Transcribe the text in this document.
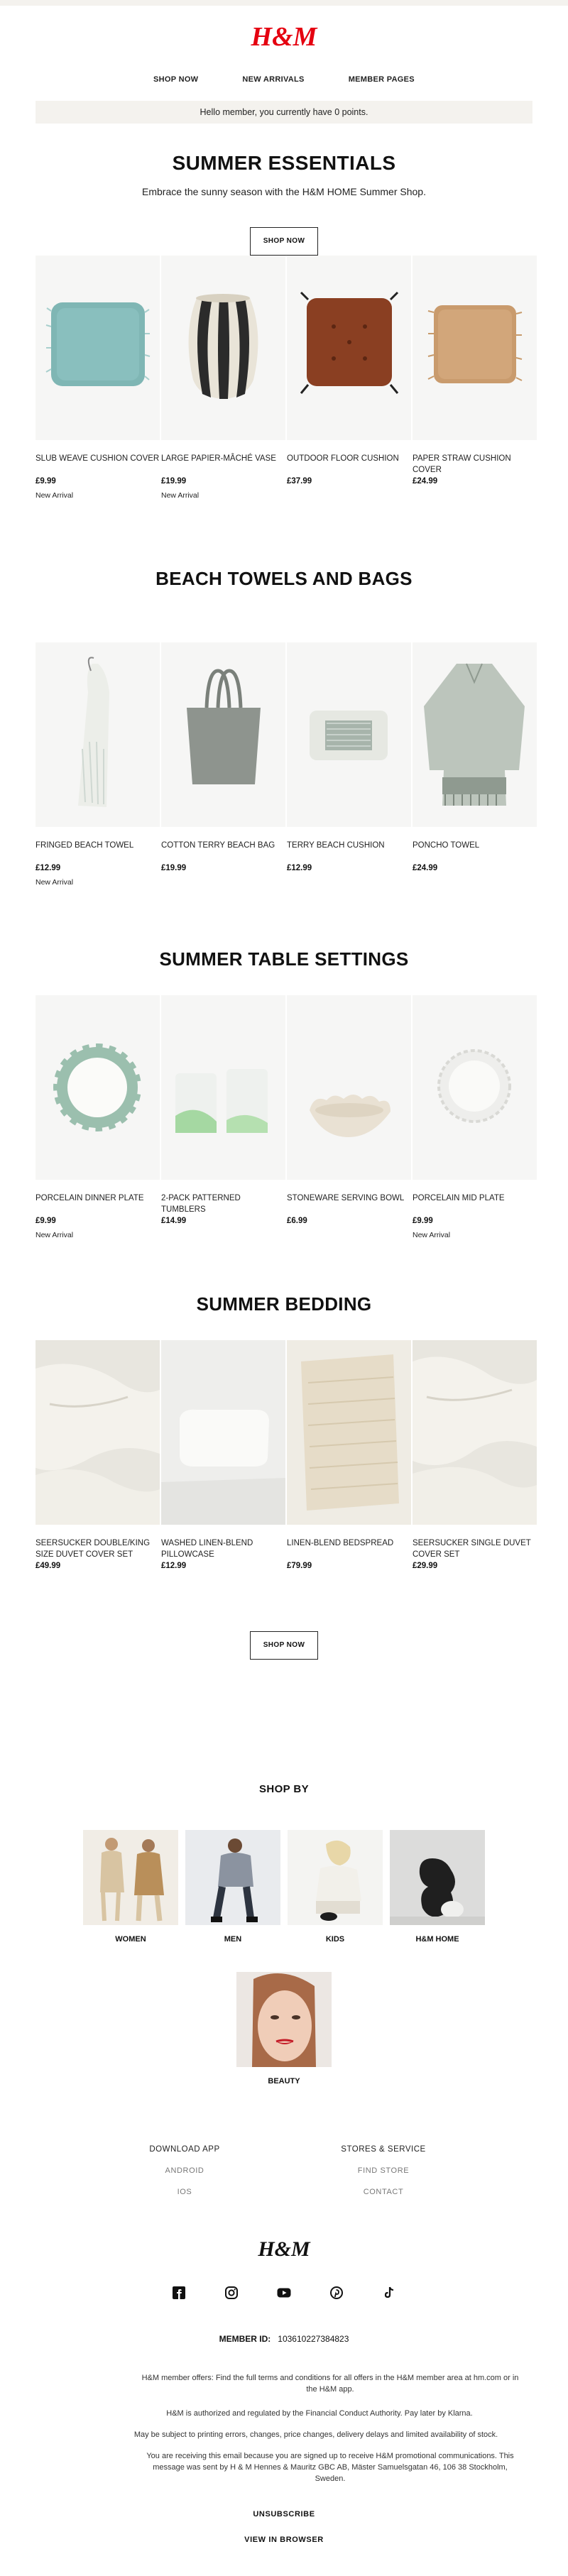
H&M
SHOP NOW	NEW ARRIVALS	MEMBER PAGES
Hello member, you currently have 0 points.
SUMMER ESSENTIALS
Embrace the sunny season with the H&M HOME Summer Shop.
SHOP NOW
SLUB WEAVE CUSHION COVER
£9.99
New Arrival
LARGE PAPIER-MÂCHÉ VASE
£19.99
New Arrival
OUTDOOR FLOOR CUSHION
£37.99
PAPER STRAW CUSHION COVER
£24.99
BEACH TOWELS AND BAGS
FRINGED BEACH TOWEL
£12.99
New Arrival
COTTON TERRY BEACH BAG
£19.99
TERRY BEACH CUSHION
£12.99
PONCHO TOWEL
£24.99
SUMMER TABLE SETTINGS
PORCELAIN DINNER PLATE
£9.99
New Arrival
2-PACK PATTERNED TUMBLERS
£14.99
STONEWARE SERVING BOWL
£6.99
PORCELAIN MID PLATE
£9.99
New Arrival
SUMMER BEDDING
SEERSUCKER DOUBLE/KING SIZE DUVET COVER SET
£49.99
WASHED LINEN-BLEND PILLOWCASE
£12.99
LINEN-BLEND BEDSPREAD
£79.99
SEERSUCKER SINGLE DUVET COVER SET
£29.99
SHOP NOW
SHOP BY
WOMEN	MEN	KIDS	H&M HOME
BEAUTY
DOWNLOAD APP
ANDROID
IOS
STORES & SERVICE
FIND STORE
CONTACT
H&M
MEMBER ID: 103610227384823
H&M member offers: Find the full terms and conditions for all offers in the H&M member area at hm.com or in the H&M app.
H&M is authorized and regulated by the Financial Conduct Authority. Pay later by Klarna.
May be subject to printing errors, changes, price changes, delivery delays and limited availability of stock.
You are receiving this email because you are signed up to receive H&M promotional communications. This message was sent by H & M Hennes & Mauritz GBC AB, Mäster Samuelsgatan 46, 106 38 Stockholm, Sweden.
UNSUBSCRIBE
VIEW IN BROWSER
